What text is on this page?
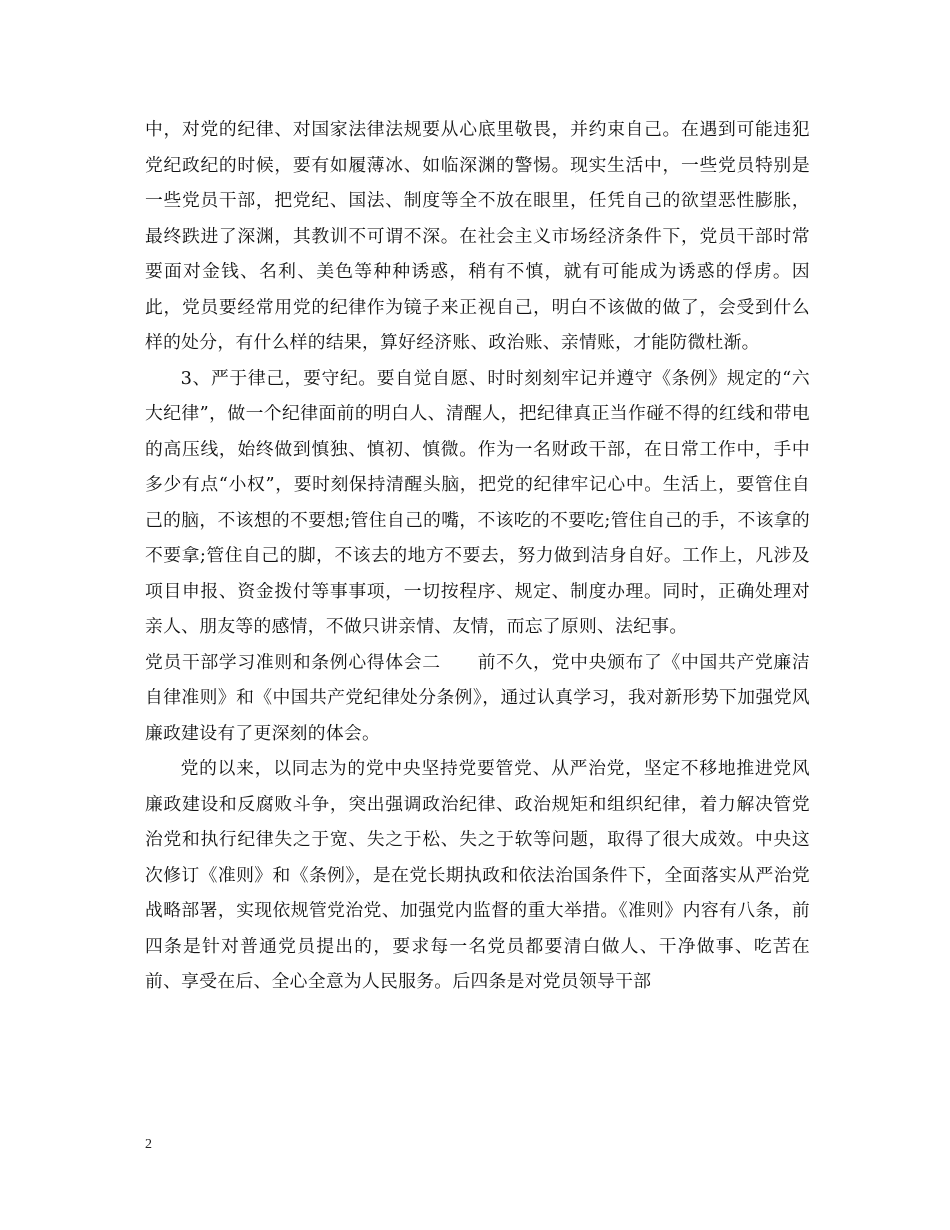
中，对党的纪律、对国家法律法规要从心底里敬畏，并约束自己。在遇到可能违犯党纪政纪的时候，要有如履薄冰、如临深渊的警惕。现实生活中，一些党员特别是一些党员干部，把党纪、国法、制度等全不放在眼里，任凭自己的欲望恶性膨胀，最终跌进了深渊，其教训不可谓不深。在社会主义市场经济条件下，党员干部时常要面对金钱、名利、美色等种种诱惑，稍有不慎，就有可能成为诱惑的俘虏。因此，党员要经常用党的纪律作为镜子来正视自己，明白不该做的做了，会受到什么样的处分，有什么样的结果，算好经济账、政治账、亲情账，才能防微杜渐。

3、严于律己，要守纪。要自觉自愿、时时刻刻牢记并遵守《条例》规定的“六大纪律”，做一个纪律面前的明白人、清醒人，把纪律真正当作碰不得的红线和带电的高压线，始终做到慎独、慎初、慎微。作为一名财政干部，在日常工作中，手中多少有点“小权”，要时刻保持清醒头脑，把党的纪律牢记心中。生活上，要管住自己的脑，不该想的不要想;管住自己的嘴，不该吃的不要吃;管住自己的手，不该拿的不要拿;管住自己的脚，不该去的地方不要去，努力做到洁身自好。工作上，凡涉及项目申报、资金拨付等事事项，一切按程序、规定、制度办理。同时，正确处理对亲人、朋友等的感情，不做只讲亲情、友情，而忘了原则、法纪事。

党员干部学习准则和条例心得体会二　　前不久，党中央颁布了《中国共产党廉洁自律准则》和《中国共产党纪律处分条例》，通过认真学习，我对新形势下加强党风廉政建设有了更深刻的体会。

党的以来，以同志为的党中央坚持党要管党、从严治党，坚定不移地推进党风廉政建设和反腐败斗争，突出强调政治纪律、政治规矩和组织纪律，着力解决管党治党和执行纪律失之于宽、失之于松、失之于软等问题，取得了很大成效。中央这次修订《准则》和《条例》，是在党长期执政和依法治国条件下，全面落实从严治党战略部署，实现依规管党治党、加强党内监督的重大举措。《准则》内容有八条，前四条是针对普通党员提出的，要求每一名党员都要清白做人、干净做事、吃苦在前、享受在后、全心全意为人民服务。后四条是对党员领导干部

2
